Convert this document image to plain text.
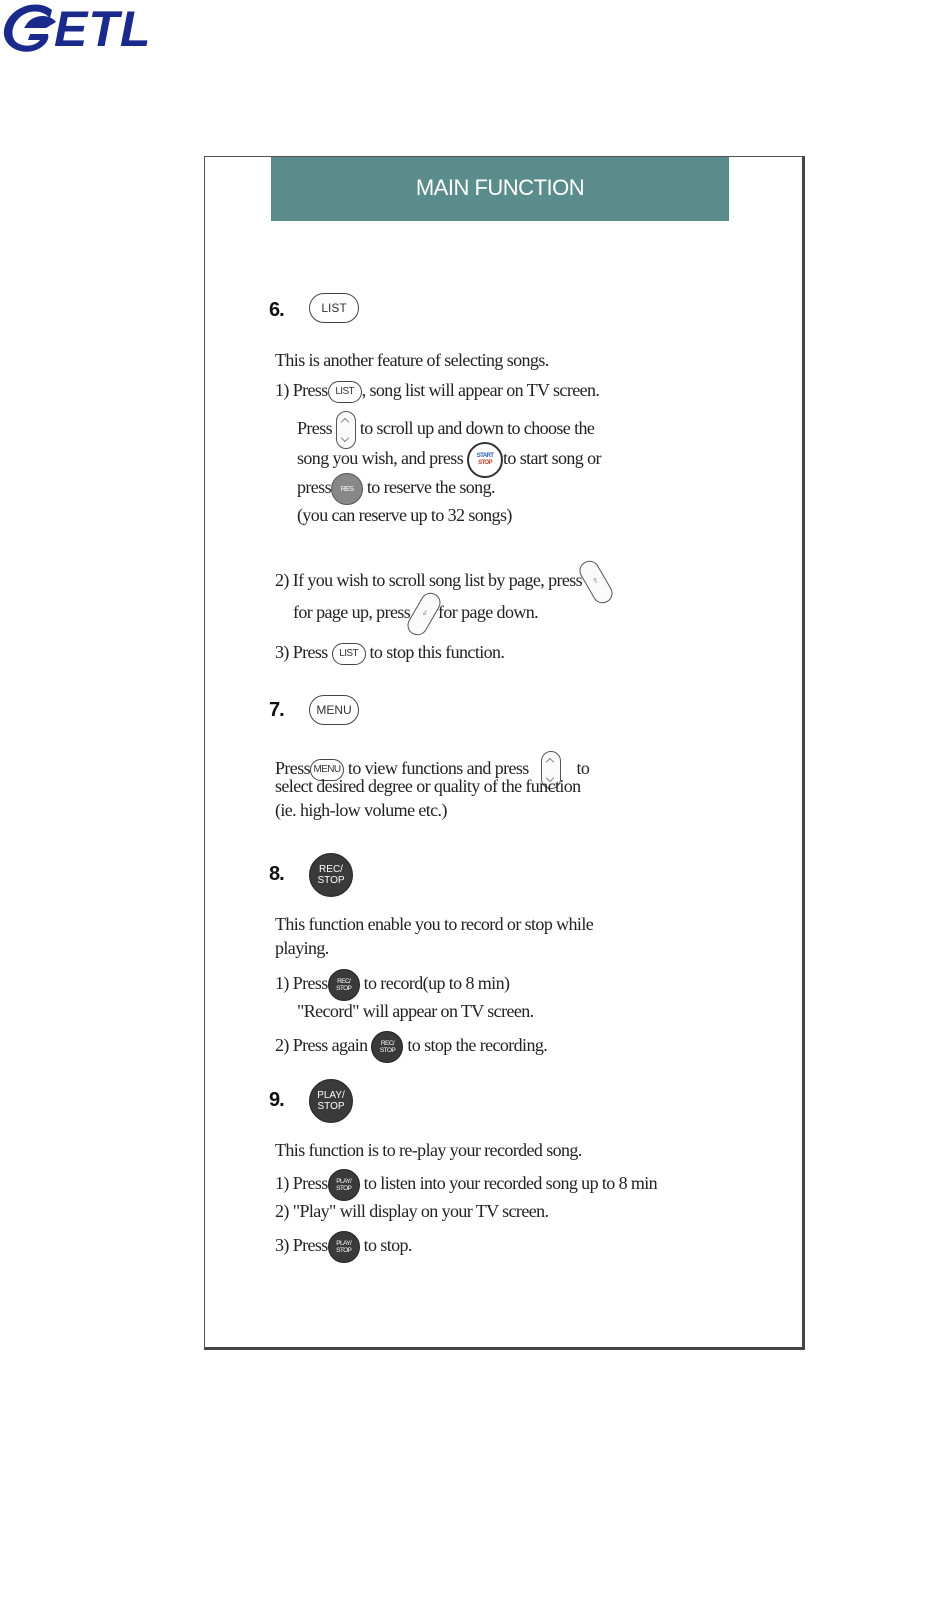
ETL
MAIN FUNCTION
6.	LIST
This is another feature of selecting songs.
1) Press LIST , song list will appear on TV screen.
Press to scroll up and down to choose the
song you wish, and press START
STOP to start song or
press RES to reserve the song.
(you can reserve up to 32 songs)
2) If you wish to scroll song list by page, press ⇑
for page up, press ⇓ for page down.
3) Press LIST to stop this function.
7.	MENU
Press MENU to view functions and press	to
select desired degree or quality of the function
(ie. high-low volume etc.)
8.	REC/
STOP
This function enable you to record or stop while
playing.
1) Press REC/
STOP to record(up to 8 min)
"Record" will appear on TV screen.
2) Press again REC/
STOP to stop the recording.
9.	PLAY/
STOP
This function is to re-play your recorded song.
1) Press PLAY/
STOP to listen into your recorded song up to 8 min
2) "Play" will display on your TV screen.
3) Press PLAY/
STOP to stop.
